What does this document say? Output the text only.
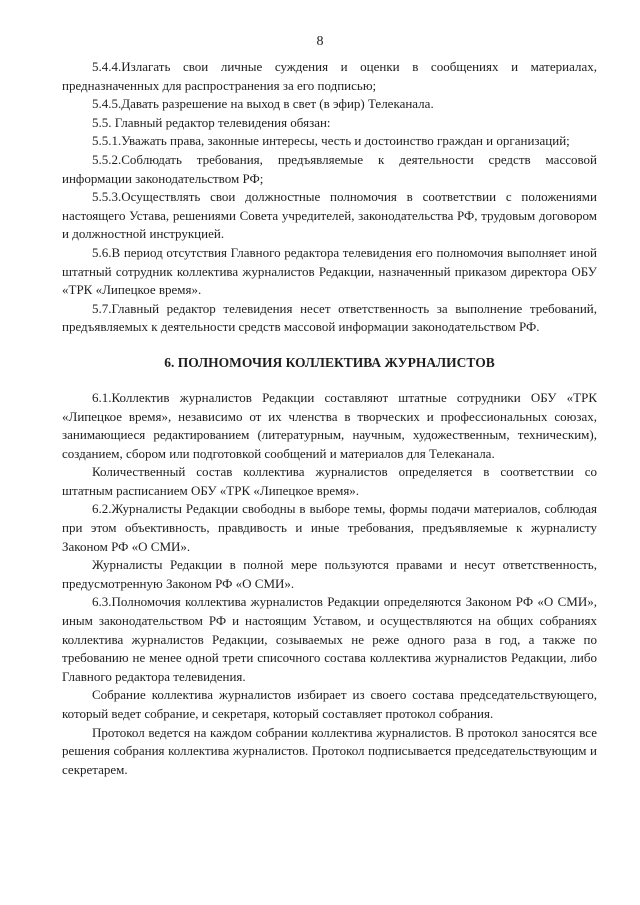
8

5.4.4.Излагать свои личные суждения и оценки в сообщениях и материалах, предназначенных для распространения за его подписью;

5.4.5.Давать разрешение на выход в свет (в эфир) Телеканала.

5.5. Главный редактор телевидения обязан:

5.5.1.Уважать права, законные интересы, честь и достоинство граждан и организаций;

5.5.2.Соблюдать требования, предъявляемые к деятельности средств массовой информации законодательством РФ;

5.5.3.Осуществлять свои должностные полномочия в соответствии с положениями настоящего Устава, решениями Совета учредителей, законодательства РФ, трудовым договором и должностной инструкцией.

5.6.В период отсутствия Главного редактора телевидения его полномочия выполняет иной штатный сотрудник коллектива журналистов Редакции, назначенный приказом директора ОБУ «ТРК «Липецкое время».

5.7.Главный редактор телевидения несет ответственность за выполнение требований, предъявляемых к деятельности средств массовой информации законодательством РФ.

6. ПОЛНОМОЧИЯ КОЛЛЕКТИВА ЖУРНАЛИСТОВ

6.1.Коллектив журналистов Редакции составляют штатные сотрудники ОБУ «ТРК «Липецкое время», независимо от их членства в творческих и профессиональных союзах, занимающиеся редактированием (литературным, научным, художественным, техническим), созданием, сбором или подготовкой сообщений и материалов для Телеканала.

Количественный состав коллектива журналистов определяется в соответствии со штатным расписанием ОБУ «ТРК «Липецкое время».

6.2.Журналисты Редакции свободны в выборе темы, формы подачи материалов, соблюдая при этом объективность, правдивость и иные требования, предъявляемые к журналисту Законом РФ «О СМИ».

Журналисты Редакции в полной мере пользуются правами и несут ответственность, предусмотренную Законом РФ «О СМИ».

6.3.Полномочия коллектива журналистов Редакции определяются Законом РФ «О СМИ», иным законодательством РФ и настоящим Уставом, и осуществляются на общих собраниях коллектива журналистов Редакции, созываемых не реже одного раза в год, а также по требованию не менее одной трети списочного состава коллектива журналистов Редакции, либо Главного редактора телевидения.

Собрание коллектива журналистов избирает из своего состава председательствующего, который ведет собрание, и секретаря, который составляет протокол собрания.

Протокол ведется на каждом собрании коллектива журналистов. В протокол заносятся все решения собрания коллектива журналистов. Протокол подписывается председательствующим и секретарем.
